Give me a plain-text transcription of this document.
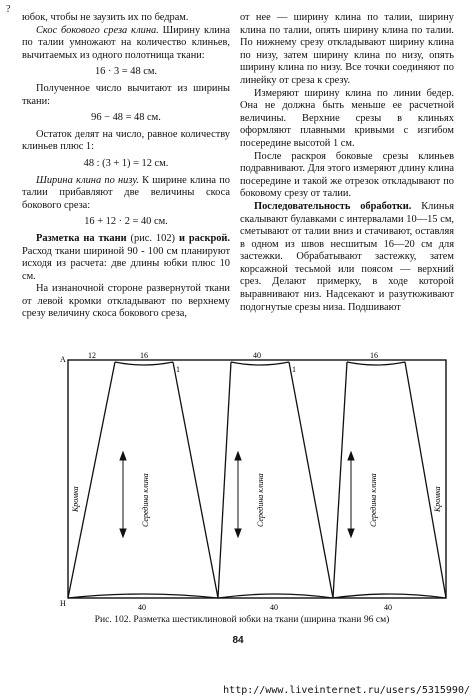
?

юбок, чтобы не заузить их по бедрам.

Скос бокового среза клина. Ширину клина по талии умножают на количество клиньев, вычитаемых из одного полотнища ткани:

16 · 3 = 48 см.

Полученное число вычитают из ширины ткани:

96 − 48 = 48 см.

Остаток делят на число, равное количеству клиньев плюс 1:

48 : (3 + 1) = 12 см.

Ширина клина по низу. К ширине клина по талии прибавляют две величины скоса бокового среза:

16 + 12 · 2 = 40 см.

Разметка на ткани (рис. 102) и раскрой. Расход ткани шириной 90 - 100 см планируют исходя из расчета: две длины юбки плюс 10 см.

На изнаночной стороне развернутой ткани от левой кромки откладывают по верхнему срезу величину скоса бокового среза,

от нее — ширину клина по талии, ширину клина по талии, опять ширину клина по талии. По нижнему срезу откладывают ширину клина по низу, затем ширину клина по низу, опять ширину клина по низу. Все точки соединяют по линейку от среза к срезу.

Измеряют ширину клина по линии бедер. Она не должна быть меньше ее расчетной величины. Верхние срезы в клиньях оформляют плавными кривыми с изгибом посередине высотой 1 см.

После раскроя боковые срезы клиньев подравнивают. Для этого измеряют длину клина посередине и такой же отрезок откладывают по боковому срезу от талии.

Последовательность обработки. Клинья скалывают булавками с интервалами 10—15 см, сметывают от талии вниз и стачивают, оставляя в одном из швов несшитым 16—20 см для застежки. Обрабатывают застежку, затем корсажной тесьмой или поясом — верхний срез. Делают примерку, в ходе которой выравнивают низ. Надсекают и разутюживают подогнутые срезы низа. Подшивают

A
H
12	16	40	16
1	1
40	40	40
Кромка	Кромка
Середина клина	Середина клина	Середина клина
Рис. 102. Разметка шестиклиновой юбки на ткани (ширина ткани 96 см)
84
http://www.liveinternet.ru/users/5315990/
